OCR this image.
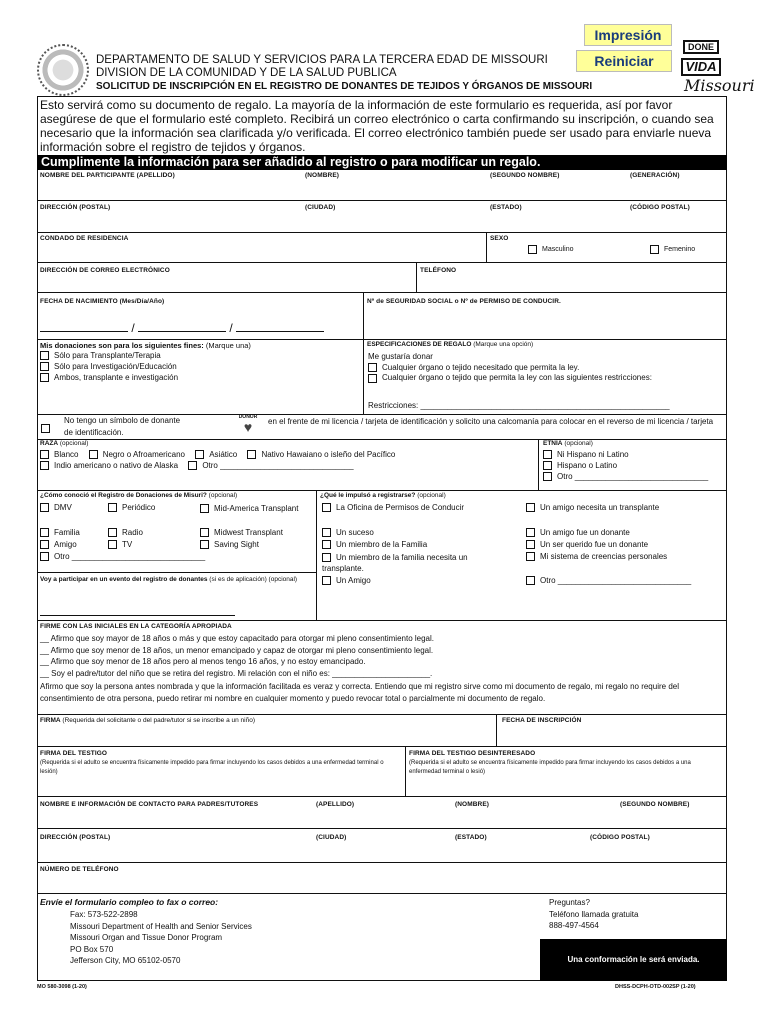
Impresión
Reiniciar
DONE
VIDA
Missouri
DEPARTAMENTO DE SALUD Y SERVICIOS PARA LA TERCERA EDAD DE MISSOURI
DIVISION DE LA COMUNIDAD Y DE LA SALUD PUBLICA
SOLICITUD DE INSCRIPCIÓN EN EL REGISTRO DE DONANTES DE TEJIDOS Y ÓRGANOS DE MISSOURI
Esto servirá como su documento de regalo. La mayoría de la información de este formulario es requerida, así por favor asegúrese de que el formulario esté completo. Recibirá un correo electrónico o carta confirmando su inscripción, o cuando sea necesario que la información sea clarificada y/o verificada. El correo electrónico también puede ser usado para enviarle nueva información sobre el registro de tejidos y órganos.
Cumplimente la información para ser añadido al registro o para modificar un regalo.
NOMBRE DEL PARTICIPANTE (APELLIDO)	(NOMBRE)	(SEGUNDO NOMBRE)	(GENERACIÓN)
DIRECCIÓN (POSTAL)	(CIUDAD)	(ESTADO)	(CÓDIGO POSTAL)
CONDADO DE RESIDENCIA	SEXO
Masculino	Femenino
DIRECCIÓN DE CORREO ELECTRÓNICO	TELÉFONO
FECHA DE NACIMIENTO (Mes/Día/Año)	Nº de SEGURIDAD SOCIAL o Nº de PERMISO DE CONDUCIR.
/	/
Mis donaciones son para los siguientes fines: (Marque una)
Sólo para Transplante/Terapia
Sólo para Investigación/Educación
Ambos, transplante e investigación
ESPECIFICACIONES DE REGALO (Marque una opción)
Me gustaría donar
Cualquier órgano o tejido necesitado que permita la ley.
Cualquier órgano o tejido que permita la ley con las siguientes restricciones:
Restricciones: ________________________________________________________
No tengo un símbolo de donante	DONOR
♥	en el frente de mi licencia / tarjeta de identificación y solicito una calcomanía para colocar en el reverso de mi licencia / tarjeta de identificación.
RAZA (opcional)
Blanco	Negro o Afroamericano	Asiático	Nativo Hawaiano o isleño del Pacífico
Indio americano o nativo de Alaska	Otro ______________________________
ETNIA (opcional)
Ni Hispano ni Latino
Hispano o Latino
Otro ______________________________
¿Cómo conoció el Registro de Donaciones de Misuri? (opcional)
DMV	Periódico	Mid-America Transplant
Familia	Radio	Midwest Transplant
Amigo	TV	Saving Sight
Otro ______________________________
¿Qué le impulsó a registrarse? (opcional)
La Oficina de Permisos de Conducir
Un suceso
Un miembro de la Familia
Un miembro de la familia necesita un transplante.
Un Amigo
Un amigo necesita un transplante
Un amigo fue un donante
Un ser querido fue un donante
Mi sistema de creencias personales
Otro ______________________________
Voy a participar en un evento del registro de donantes (si es de aplicación) (opcional)
FIRME CON LAS INICIALES EN LA CATEGORÍA APROPIADA
__ Afirmo que soy mayor de 18 años o más y que estoy capacitado para otorgar mi pleno consentimiento legal.
__ Afirmo que soy menor de 18 años, un menor emancipado y capaz de otorgar mi pleno consentimiento legal.
__ Afirmo que soy menor de 18 años pero al menos tengo 16 años, y no estoy emancipado.
__ Soy el padre/tutor del niño que se retira del registro. Mi relación con el niño es: ______________________.
Afirmo que soy la persona antes nombrada y que la información facilitada es veraz y correcta. Entiendo que mi registro sirve como mi documento de regalo, mi regalo no require del consentimiento de otra persona, puedo retirar mi nombre en cualquier momento y puedo revocar total o parcialmente mi documento de regalo.
FIRMA (Requerida del solicitante o del padre/tutor si se inscribe a un niño)	FECHA DE INSCRIPCIÓN
FIRMA DEL TESTIGO
(Requerida si el adulto se encuentra físicamente impedido para firmar incluyendo los casos debidos a una enfermedad terminal o lesión)
FIRMA DEL TESTIGO DESINTERESADO
(Requerida si el adulto se encuentra físicamente impedido para firmar incluyendo los casos debidos a una enfermedad terminal o lesió)
NOMBRE E INFORMACIÓN DE CONTACTO PARA PADRES/TUTORES	(APELLIDO)	(NOMBRE)	(SEGUNDO NOMBRE)
DIRECCIÓN (POSTAL)	(CIUDAD)	(ESTADO)	(CÓDIGO POSTAL)
NÚMERO DE TELÉFONO
Envíe el formulario compleo to fax o correo:
Fax: 573-522-2898
Missouri Department of Health and Senior Services
Missouri Organ and Tissue Donor Program
PO Box 570
Jefferson City, MO 65102-0570
Preguntas?
Teléfono llamada gratuita
888-497-4564
Una conformación le será enviada.
MO 580-3098 (1-20)	DHSS-DCPH-OTD-002SP (1-20)
